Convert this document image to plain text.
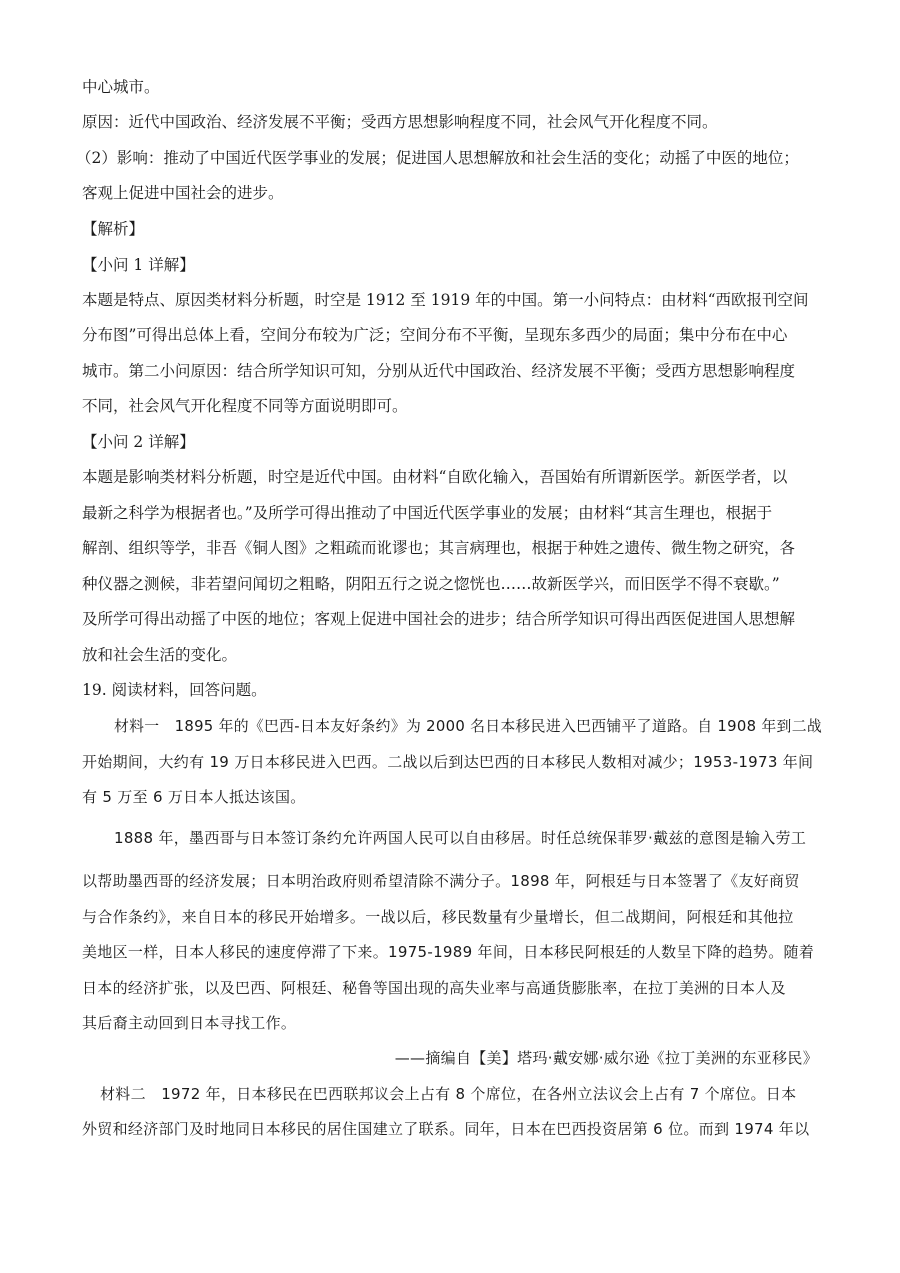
中心城市。
原因：近代中国政治、经济发展不平衡；受西方思想影响程度不同，社会风气开化程度不同。
（2）影响：推动了中国近代医学事业的发展；促进国人思想解放和社会生活的变化；动摇了中医的地位；
客观上促进中国社会的进步。
【解析】
【小问 1 详解】
本题是特点、原因类材料分析题，时空是 1912 至 1919 年的中国。第一小问特点：由材料“西欧报刊空间
分布图”可得出总体上看，空间分布较为广泛；空间分布不平衡，呈现东多西少的局面；集中分布在中心
城市。第二小问原因：结合所学知识可知，分别从近代中国政治、经济发展不平衡；受西方思想影响程度
不同，社会风气开化程度不同等方面说明即可。
【小问 2 详解】
本题是影响类材料分析题，时空是近代中国。由材料“自欧化输入，吾国始有所谓新医学。新医学者，以
最新之科学为根据者也。”及所学可得出推动了中国近代医学事业的发展；由材料“其言生理也，根据于
解剖、组织等学，非吾《铜人图》之粗疏而讹谬也；其言病理也，根据于种姓之遗传、微生物之研究，各
种仪器之测候，非若望问闻切之粗略，阴阳五行之说之惚恍也……故新医学兴，而旧医学不得不衰歇。”
及所学可得出动摇了中医的地位；客观上促进中国社会的进步；结合所学知识可得出西医促进国人思想解
放和社会生活的变化。
19. 阅读材料，回答问题。
材料一　1895 年的《巴西-日本友好条约》为 2000 名日本移民进入巴西铺平了道路。自 1908 年到二战
开始期间，大约有 19 万日本移民进入巴西。二战以后到达巴西的日本移民人数相对减少；1953-1973 年间
有 5 万至 6 万日本人抵达该国。
1888 年，墨西哥与日本签订条约允许两国人民可以自由移居。时任总统保菲罗·戴兹的意图是输入劳工
以帮助墨西哥的经济发展；日本明治政府则希望清除不满分子。1898 年，阿根廷与日本签署了《友好商贸
与合作条约》，来自日本的移民开始增多。一战以后，移民数量有少量增长，但二战期间，阿根廷和其他拉
美地区一样，日本人移民的速度停滞了下来。1975-1989 年间，日本移民阿根廷的人数呈下降的趋势。随着
日本的经济扩张，以及巴西、阿根廷、秘鲁等国出现的高失业率与高通货膨胀率，在拉丁美洲的日本人及
其后裔主动回到日本寻找工作。
——摘编自【美】塔玛·戴安娜·威尔逊《拉丁美洲的东亚移民》
材料二　1972 年，日本移民在巴西联邦议会上占有 8 个席位，在各州立法议会上占有 7 个席位。日本
外贸和经济部门及时地同日本移民的居住国建立了联系。同年，日本在巴西投资居第 6 位。而到 1974 年以
